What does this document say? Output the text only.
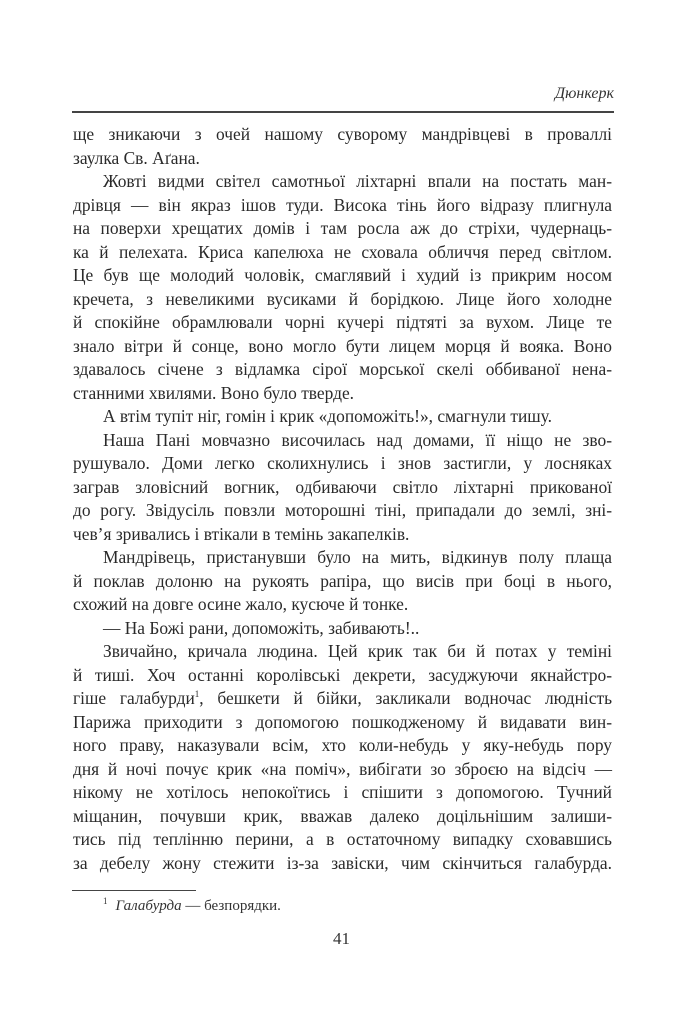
Дюнкерк
ще зникаючи з очей нашому суворому мандрівцеві в проваллі
заулка Св. Аґана.
Жовті видми світел самотньої ліхтарні впали на постать ман-
дрівця — він якраз ішов туди. Висока тінь його відразу плигнула
на поверхи хрещатих домів і там росла аж до стріхи, чудернаць-
ка й пелехата. Криса капелюха не сховала обличчя перед світлом.
Це був ще молодий чоловік, смаглявий і худий із прикрим носом
кречета, з невеликими вусиками й борідкою. Лице його холодне
й спокійне обрамлювали чорні кучері підтяті за вухом. Лице те
знало вітри й сонце, воно могло бути лицем морця й вояка. Воно
здавалось січене з відламка сірої морської скелі оббиваної нена-
станними хвилями. Воно було тверде.
А втім тупіт ніг, гомін і крик «допоможіть!», смагнули тишу.
Наша Пані мовчазно височилась над домами, її ніщо не зво-
рушувало. Доми легко сколихнулись і знов застигли, у лосняках
заграв зловісний вогник, одбиваючи світло ліхтарні прикованої
до рогу. Звідусіль повзли моторошні тіні, припадали до землі, зні-
чев’я зривались і втікали в темінь закапелків.
Мандрівець, пристанувши було на мить, відкинув полу плаща
й поклав долоню на рукоять рапіра, що висів при боці в нього,
схожий на довге осине жало, кусюче й тонке.
— На Божі рани, допоможіть, забивають!..
Звичайно, кричала людина. Цей крик так би й потах у теміні
й тиші. Хоч останні королівські декрети, засуджуючи якнайстро-
гіше галабурди$^1$, бешкети й бійки, закликали водночас людність
Парижа приходити з допомогою пошкодженому й видавати вин-
ного праву, наказували всім, хто коли-небудь у яку-небудь пору
дня й ночі почує крик «на поміч», вибігати зо зброєю на відсіч —
нікому не хотілось непокоїтись і спішити з допомогою. Тучний
міщанин, почувши крик, вважав далеко доцільнішим залиши-
тись під теплінню перини, а в остаточному випадку сховавшись
за дебелу жону стежити із-за завіски, чим скінчиться галабурда.
$^1$ Галабурда — безпорядки.
41
